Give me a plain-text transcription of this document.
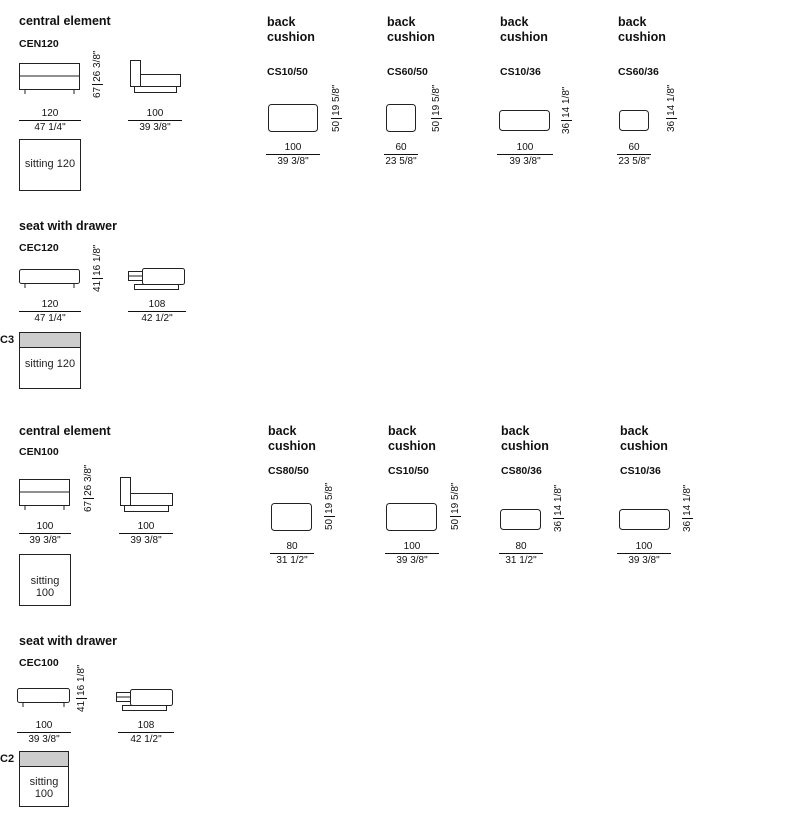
central element
CEN120
6726 3/8"
120
47 1/4"
100
39 3/8"
sitting 120
back
cushion
CS10/50
5019 5/8"
100
39 3/8"
back
cushion
CS60/50
5019 5/8"
60
23 5/8"
back
cushion
CS10/36
3614 1/8"
100
39 3/8"
back
cushion
CS60/36
3614 1/8"
60
23 5/8"
seat with drawer
CEC120
4116 1/8"
120
47 1/4"
108
42 1/2"
C3
sitting 120
central element
CEN100
6726 3/8"
100
39 3/8"
100
39 3/8"
sitting 100
back
cushion
CS80/50
5019 5/8"
80
31 1/2"
back
cushion
CS10/50
5019 5/8"
100
39 3/8"
back
cushion
CS80/36
3614 1/8"
80
31 1/2"
back
cushion
CS10/36
3614 1/8"
100
39 3/8"
seat with drawer
CEC100
4116 1/8"
100
39 3/8"
108
42 1/2"
C2
sitting 100
